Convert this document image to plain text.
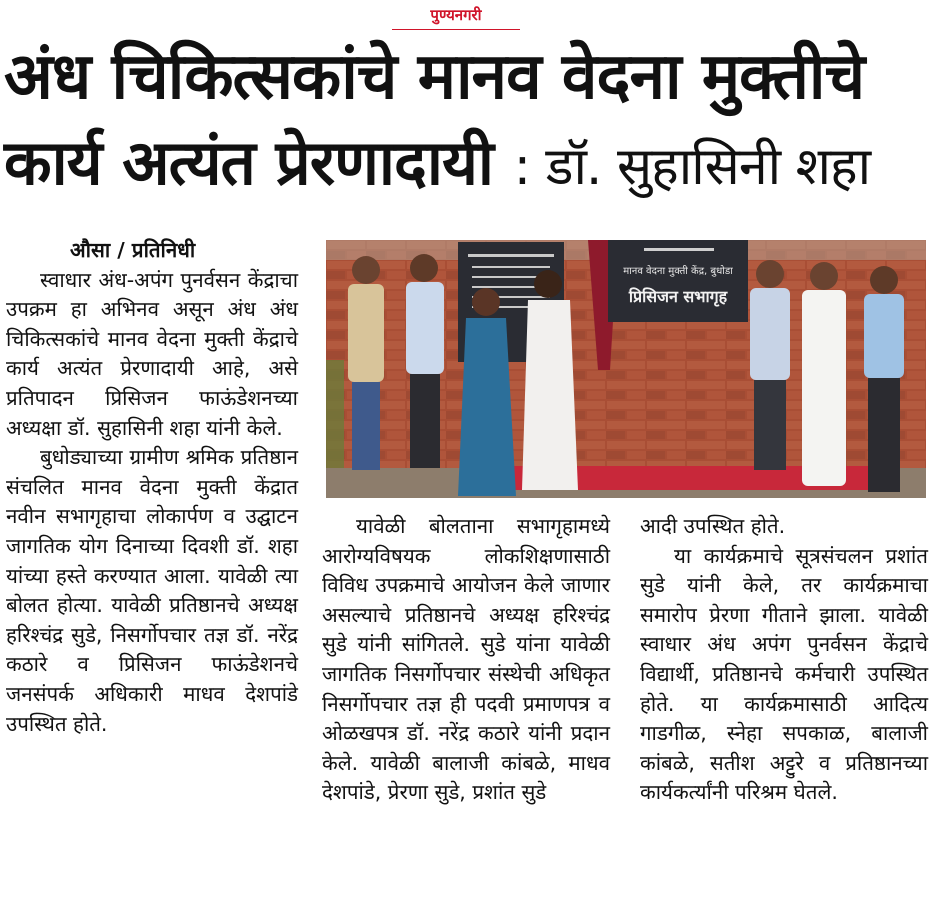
पुण्यनगरी
अंध चिकित्सकांचे मानव वेदना मुक्तीचे
कार्य अत्यंत प्रेरणादायी : डॉ. सुहासिनी शहा
औसा / प्रतिनिधी

स्वाधार अंध-अपंग पुनर्वसन केंद्राचा उपक्रम हा अभिनव असून अंध अंध चिकित्सकांचे मानव वेदना मुक्ती केंद्राचे कार्य अत्यंत प्रेरणादायी आहे, असे प्रतिपादन प्रिसिजन फाऊंडेशनच्या अध्यक्षा डॉ. सुहासिनी शहा यांनी केले.

बुधोड्याच्या ग्रामीण श्रमिक प्रतिष्ठान संचलित मानव वेदना मुक्ती केंद्रात नवीन सभागृहाचा लोकार्पण व उद्घाटन जागतिक योग दिनाच्या दिवशी डॉ. शहा यांच्या हस्ते करण्यात आला. यावेळी त्या बोलत होत्या. यावेळी प्रतिष्ठानचे अध्यक्ष हरिश्चंद्र सुडे, निसर्गोपचार तज्ञ डॉ. नरेंद्र कठारे व प्रिसिजन फाऊंडेशनचे जनसंपर्क अधिकारी माधव देशपांडे उपस्थित होते.

मानव वेदना मुक्ती केंद्र, बुधोडा
प्रिसिजन सभागृह

यावेळी बोलताना सभागृहामध्ये आरोग्यविषयक लोकशिक्षणासाठी विविध उपक्रमाचे आयोजन केले जाणार असल्याचे प्रतिष्ठानचे अध्यक्ष हरिश्चंद्र सुडे यांनी सांगितले. सुडे यांना यावेळी जागतिक निसर्गोपचार संस्थेची अधिकृत निसर्गोपचार तज्ञ ही पदवी प्रमाणपत्र व ओळखपत्र डॉ. नरेंद्र कठारे यांनी प्रदान केले. यावेळी बालाजी कांबळे, माधव देशपांडे, प्रेरणा सुडे, प्रशांत सुडे

आदी उपस्थित होते.

या कार्यक्रमाचे सूत्रसंचलन प्रशांत सुडे यांनी केले, तर कार्यक्रमाचा समारोप प्रेरणा गीताने झाला. यावेळी स्वाधार अंध अपंग पुनर्वसन केंद्राचे विद्यार्थी, प्रतिष्ठानचे कर्मचारी उपस्थित होते. या कार्यक्रमासाठी आदित्य गाडगीळ, स्नेहा सपकाळ, बालाजी कांबळे, सतीश अट्टुरे व प्रतिष्ठानच्या कार्यकर्त्यांनी परिश्रम घेतले.
